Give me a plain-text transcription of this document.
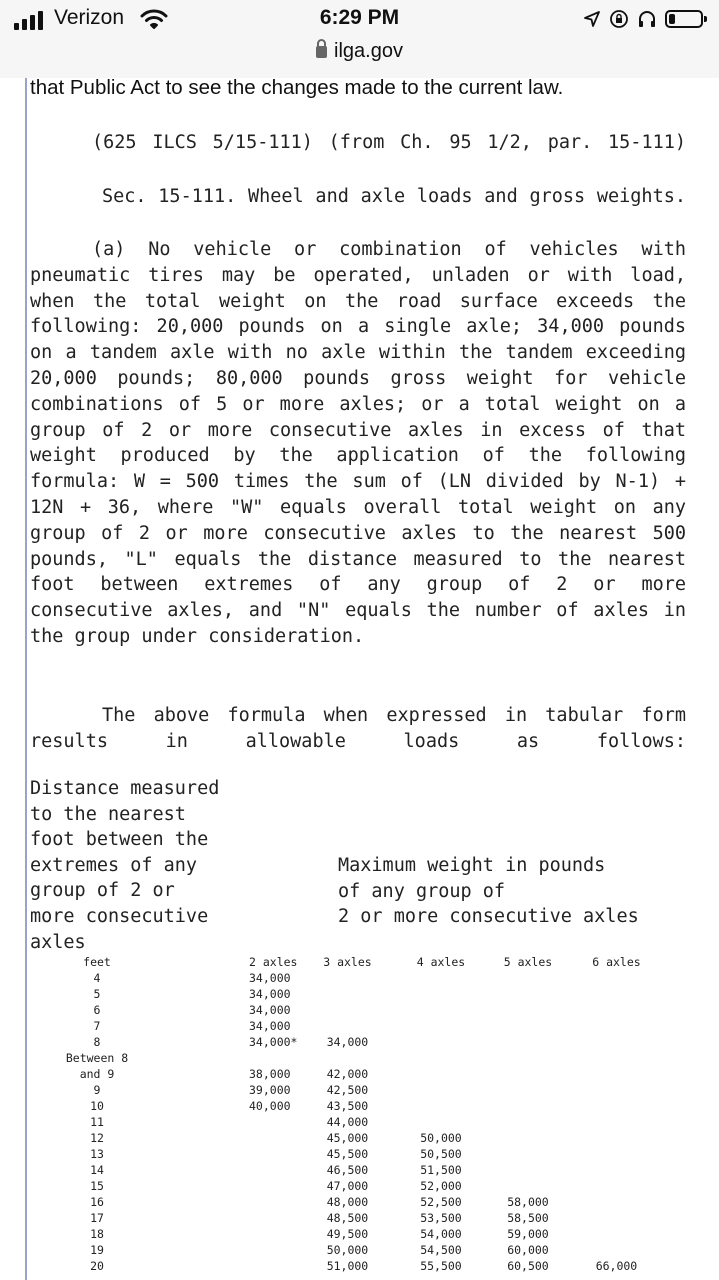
Verizon	6:29 PM
ilga.gov
that Public Act to see the changes made to the current law.

(625 ILCS 5/15-111) (from Ch. 95 1/2, par. 15-111)

Sec. 15-111. Wheel and axle loads and gross weights.

(a) No vehicle or combination of vehicles with pneumatic tires may be operated, unladen or with load, when the total weight on the road surface exceeds the following: 20,000 pounds on a single axle; 34,000 pounds on a tandem axle with no axle within the tandem exceeding 20,000 pounds; 80,000 pounds gross weight for vehicle combinations of 5 or more axles; or a total weight on a group of 2 or more consecutive axles in excess of that weight produced by the application of the following formula: W = 500 times the sum of (LN divided by N-1) + 12N + 36, where "W" equals overall total weight on any group of 2 or more consecutive axles to the nearest 500 pounds, "L" equals the distance measured to the nearest foot between extremes of any group of 2 or more consecutive axles, and "N" equals the number of axles in the group under consideration.

The above formula when expressed in tabular form results in allowable loads as follows:

Distance measured
to the nearest
foot between the
extremes of any
group of 2 or
more consecutive
axles
Maximum weight in pounds
of any group of
2 or more consecutive axles
feet	2 axles	3 axles	4 axles	5 axles	6 axles
4	34,000				
5	34,000				
6	34,000				
7	34,000				
8	34,000*	34,000			
Between 8					
and 9	38,000	42,000			
9	39,000	42,500			
10	40,000	43,500			
11		44,000			
12		45,000	50,000		
13		45,500	50,500		
14		46,500	51,500		
15		47,000	52,000		
16		48,000	52,500	58,000	
17		48,500	53,500	58,500	
18		49,500	54,000	59,000	
19		50,000	54,500	60,000	
20		51,000	55,500	60,500	66,000
